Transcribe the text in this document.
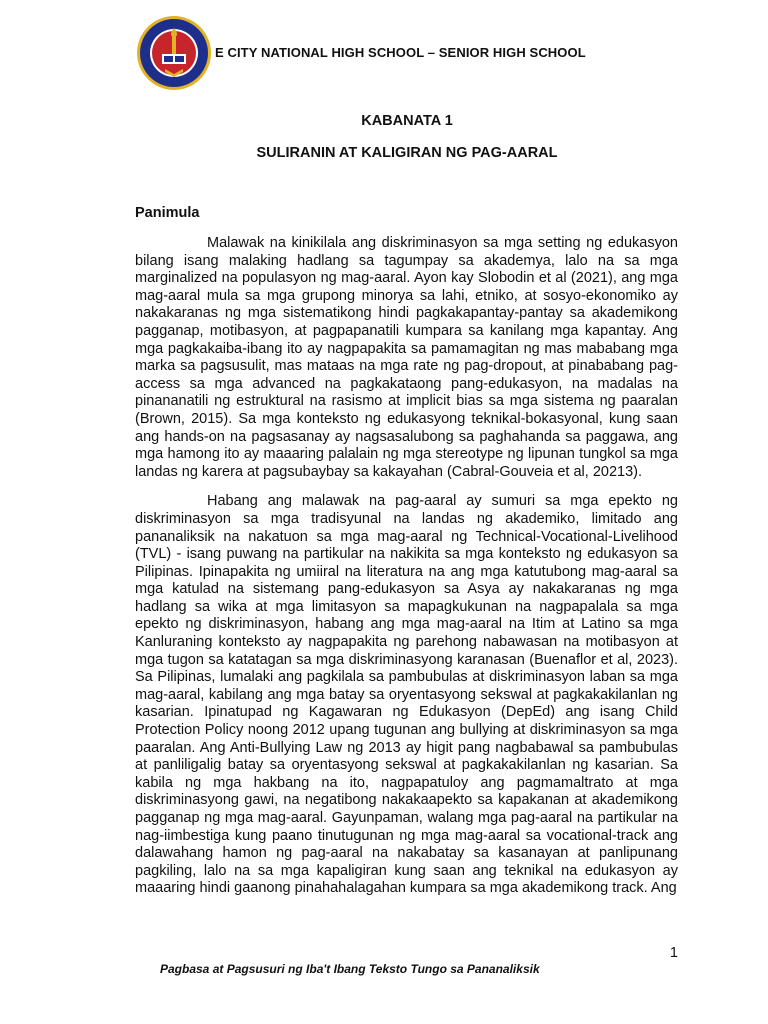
E CITY NATIONAL HIGH SCHOOL – SENIOR HIGH SCHOOL
KABANATA 1
SULIRANIN AT KALIGIRAN NG PAG-AARAL
Panimula

Malawak na kinikilala ang diskriminasyon sa mga setting ng edukasyon bilang isang malaking hadlang sa tagumpay sa akademya, lalo na sa mga marginalized na populasyon ng mag-aaral. Ayon kay Slobodin et al (2021), ang mga mag-aaral mula sa mga grupong minorya sa lahi, etniko, at sosyo-ekonomiko ay nakakaranas ng mga sistematikong hindi pagkakapantay-pantay sa akademikong pagganap, motibasyon, at pagpapanatili kumpara sa kanilang mga kapantay. Ang mga pagkakaiba-ibang ito ay nagpapakita sa pamamagitan ng mas mababang mga marka sa pagsusulit, mas mataas na mga rate ng pag-dropout, at pinababang pag-access sa mga advanced na pagkakataong pang-edukasyon, na madalas na pinananatili ng estruktural na rasismo at implicit bias sa mga sistema ng paaralan (Brown, 2015). Sa mga konteksto ng edukasyong teknikal-bokasyonal, kung saan ang hands-on na pagsasanay ay nagsasalubong sa paghahanda sa paggawa, ang mga hamong ito ay maaaring palalain ng mga stereotype ng lipunan tungkol sa mga landas ng karera at pagsubaybay sa kakayahan (Cabral-Gouveia et al, 20213).

Habang ang malawak na pag-aaral ay sumuri sa mga epekto ng diskriminasyon sa mga tradisyunal na landas ng akademiko, limitado ang pananaliksik na nakatuon sa mga mag-aaral ng Technical-Vocational-Livelihood (TVL) - isang puwang na partikular na nakikita sa mga konteksto ng edukasyon sa Pilipinas. Ipinapakita ng umiiral na literatura na ang mga katutubong mag-aaral sa mga katulad na sistemang pang-edukasyon sa Asya ay nakakaranas ng mga hadlang sa wika at mga limitasyon sa mapagkukunan na nagpapalala sa mga epekto ng diskriminasyon, habang ang mga mag-aaral na Itim at Latino sa mga Kanluraning konteksto ay nagpapakita ng parehong nabawasan na motibasyon at mga tugon sa katatagan sa mga diskriminasyong karanasan (Buenaflor et al, 2023). Sa Pilipinas, lumalaki ang pagkilala sa pambubulas at diskriminasyon laban sa mga mag-aaral, kabilang ang mga batay sa oryentasyong sekswal at pagkakakilanlan ng kasarian. Ipinatupad ng Kagawaran ng Edukasyon (DepEd) ang isang Child Protection Policy noong 2012 upang tugunan ang bullying at diskriminasyon sa mga paaralan. Ang Anti-Bullying Law ng 2013 ay higit pang nagbabawal sa pambubulas at panliligalig batay sa oryentasyong sekswal at pagkakakilanlan ng kasarian. Sa kabila ng mga hakbang na ito, nagpapatuloy ang pagmamaltrato at mga diskriminasyong gawi, na negatibong nakakaapekto sa kapakanan at akademikong pagganap ng mga mag-aaral. Gayunpaman, walang mga pag-aaral na partikular na nag-iimbestiga kung paano tinutugunan ng mga mag-aaral sa vocational-track ang dalawahang hamon ng pag-aaral na nakabatay sa kasanayan at panlipunang pagkiling, lalo na sa mga kapaligiran kung saan ang teknikal na edukasyon ay maaaring hindi gaanong pinahahalagahan kumpara sa mga akademikong track. Ang

1
Pagbasa at Pagsusuri ng Iba't Ibang Teksto Tungo sa Pananaliksik
